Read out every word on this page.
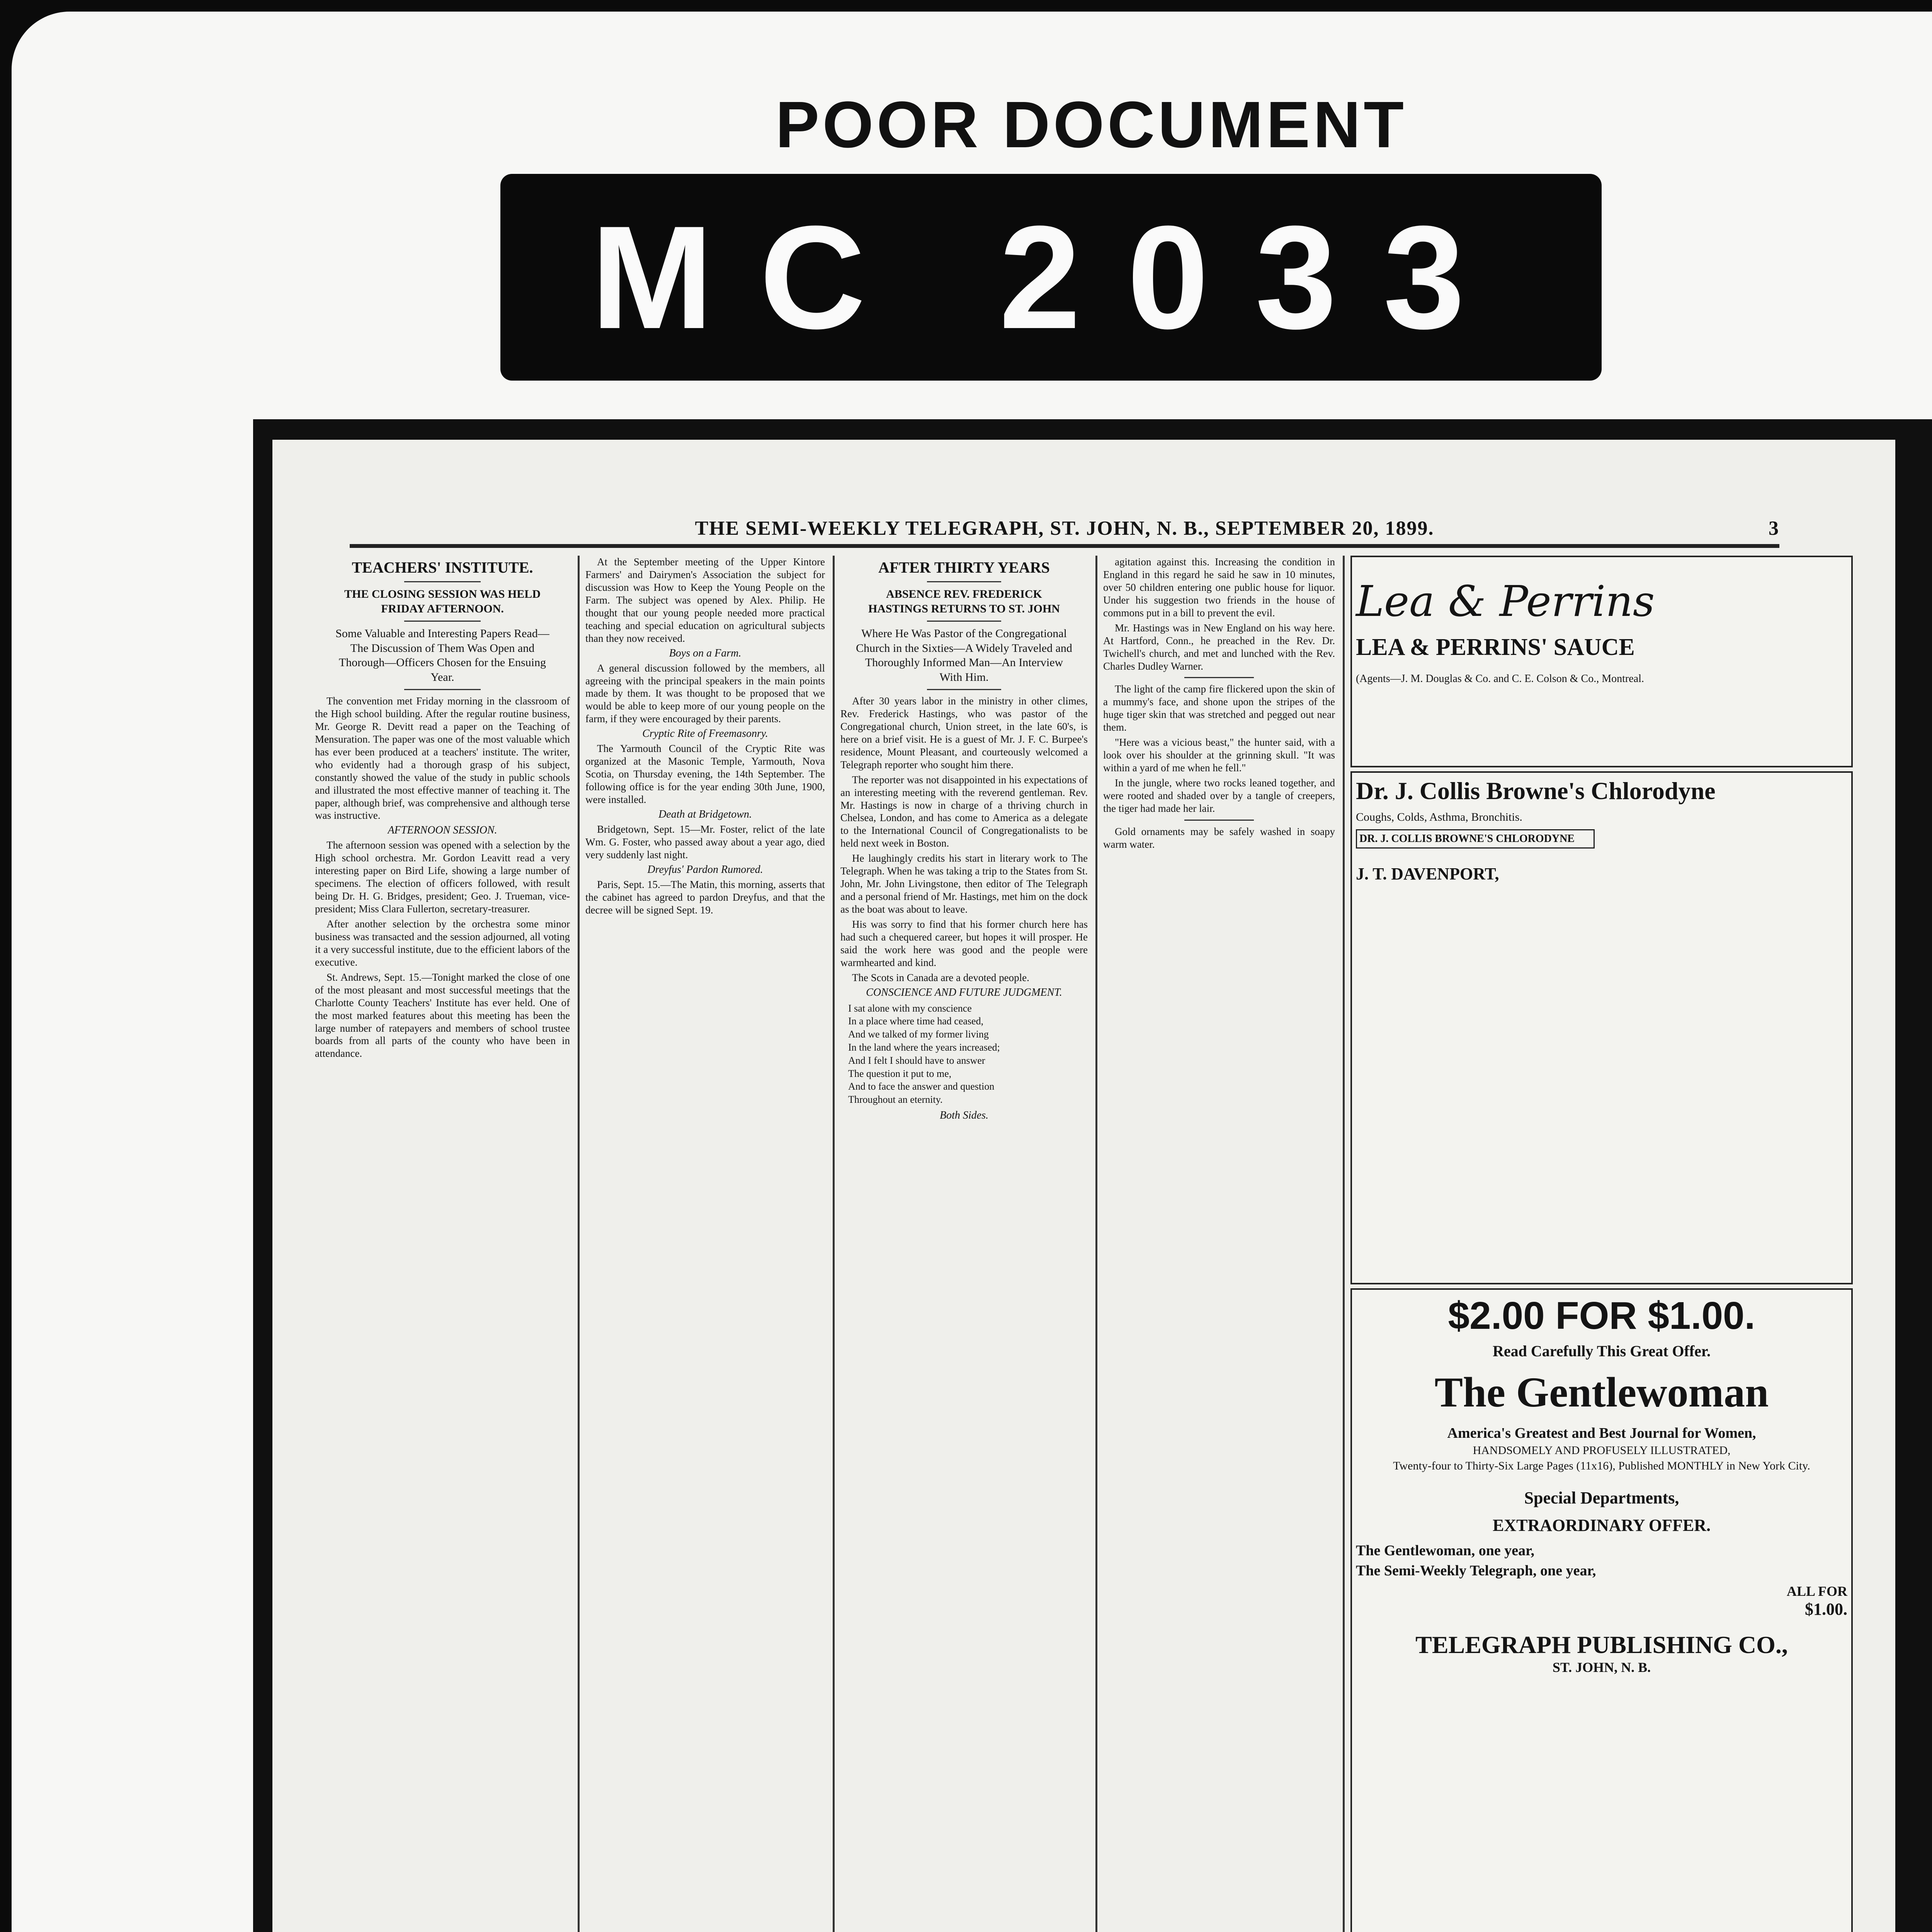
POOR DOCUMENT
MC 2033
THE SEMI-WEEKLY TELEGRAPH, ST. JOHN, N. B., SEPTEMBER 20, 1899.	3
TEACHERS' INSTITUTE.
THE CLOSING SESSION WAS HELD FRIDAY AFTERNOON.
Some Valuable and Interesting Papers Read—The Discussion of Them Was Open and Thorough—Officers Chosen for the Ensuing Year.

The convention met Friday morning in the classroom of the High school building. After the regular routine business, Mr. George R. Devitt read a paper on the Teaching of Mensuration. The paper was one of the most valuable which has ever been produced at a teachers' institute. The writer, who evidently had a thorough grasp of his subject, constantly showed the value of the study in public schools and illustrated the most effective manner of teaching it. The paper, although brief, was comprehensive and although terse was instructive.

AFTERNOON SESSION.

The afternoon session was opened with a selection by the High school orchestra. Mr. Gordon Leavitt read a very interesting paper on Bird Life, showing a large number of specimens. The election of officers followed, with result being Dr. H. G. Bridges, president; Geo. J. Trueman, vice-president; Miss Clara Fullerton, secretary-treasurer.

After another selection by the orchestra some minor business was transacted and the session adjourned, all voting it a very successful institute, due to the efficient labors of the executive.

St. Andrews, Sept. 15.—Tonight marked the close of one of the most pleasant and most successful meetings that the Charlotte County Teachers' Institute has ever held. One of the most marked features about this meeting has been the large number of ratepayers and members of school trustee boards from all parts of the county who have been in attendance.

At the September meeting of the Upper Kintore Farmers' and Dairymen's Association the subject for discussion was How to Keep the Young People on the Farm. The subject was opened by Alex. Philip. He thought that our young people needed more practical teaching and special education on agricultural subjects than they now received.

Boys on a Farm.

A general discussion followed by the members, all agreeing with the principal speakers in the main points made by them. It was thought to be proposed that we would be able to keep more of our young people on the farm, if they were encouraged by their parents.

Cryptic Rite of Freemasonry.

The Yarmouth Council of the Cryptic Rite was organized at the Masonic Temple, Yarmouth, Nova Scotia, on Thursday evening, the 14th September. The following office is for the year ending 30th June, 1900, were installed.

Death at Bridgetown.

Bridgetown, Sept. 15—Mr. Foster, relict of the late Wm. G. Foster, who passed away about a year ago, died very suddenly last night.

Dreyfus' Pardon Rumored.

Paris, Sept. 15.—The Matin, this morning, asserts that the cabinet has agreed to pardon Dreyfus, and that the decree will be signed Sept. 19.

AFTER THIRTY YEARS
ABSENCE REV. FREDERICK HASTINGS RETURNS TO ST. JOHN
Where He Was Pastor of the Congregational Church in the Sixties—A Widely Traveled and Thoroughly Informed Man—An Interview With Him.

After 30 years labor in the ministry in other climes, Rev. Frederick Hastings, who was pastor of the Congregational church, Union street, in the late 60's, is here on a brief visit. He is a guest of Mr. J. F. C. Burpee's residence, Mount Pleasant, and courteously welcomed a Telegraph reporter who sought him there.

The reporter was not disappointed in his expectations of an interesting meeting with the reverend gentleman. Rev. Mr. Hastings is now in charge of a thriving church in Chelsea, London, and has come to America as a delegate to the International Council of Congregationalists to be held next week in Boston.

He laughingly credits his start in literary work to The Telegraph. When he was taking a trip to the States from St. John, Mr. John Livingstone, then editor of The Telegraph and a personal friend of Mr. Hastings, met him on the dock as the boat was about to leave.

His was sorry to find that his former church here has had such a chequered career, but hopes it will prosper. He said the work here was good and the people were warmhearted and kind.

The Scots in Canada are a devoted people.

CONSCIENCE AND FUTURE JUDGMENT.
I sat alone with my conscience
In a place where time had ceased,
And we talked of my former living
In the land where the years increased;
And I felt I should have to answer
The question it put to me,
And to face the answer and question
Throughout an eternity.
Both Sides.

agitation against this. Increasing the condition in England in this regard he said he saw in 10 minutes, over 50 children entering one public house for liquor. Under his suggestion two friends in the house of commons put in a bill to prevent the evil.

Mr. Hastings was in New England on his way here. At Hartford, Conn., he preached in the Rev. Dr. Twichell's church, and met and lunched with the Rev. Charles Dudley Warner.

The light of the camp fire flickered upon the skin of a mummy's face, and shone upon the stripes of the huge tiger skin that was stretched and pegged out near them.

"Here was a vicious beast," the hunter said, with a look over his shoulder at the grinning skull. "It was within a yard of me when he fell."

In the jungle, where two rocks leaned together, and were rooted and shaded over by a tangle of creepers, the tiger had made her lair.

Gold ornaments may be safely washed in soapy warm water.

Lea & Perrins
LEA & PERRINS' SAUCE
(Agents—J. M. Douglas & Co. and C. E. Colson & Co., Montreal.
Dr. J. Collis Browne's Chlorodyne
Coughs, Colds, Asthma, Bronchitis.
DR. J. COLLIS BROWNE'S CHLORODYNE
J. T. DAVENPORT,
$2.00 FOR $1.00.
Read Carefully This Great Offer.
The Gentlewoman
America's Greatest and Best Journal for Women,
HANDSOMELY AND PROFUSELY ILLUSTRATED,
Twenty-four to Thirty-Six Large Pages (11x16), Published MONTHLY in New York City.
Special Departments,
EXTRAORDINARY OFFER.
The Gentlewoman, one year,
The Semi-Weekly Telegraph, one year,
ALL FOR
$1.00.
TELEGRAPH PUBLISHING CO.,
ST. JOHN, N. B.
